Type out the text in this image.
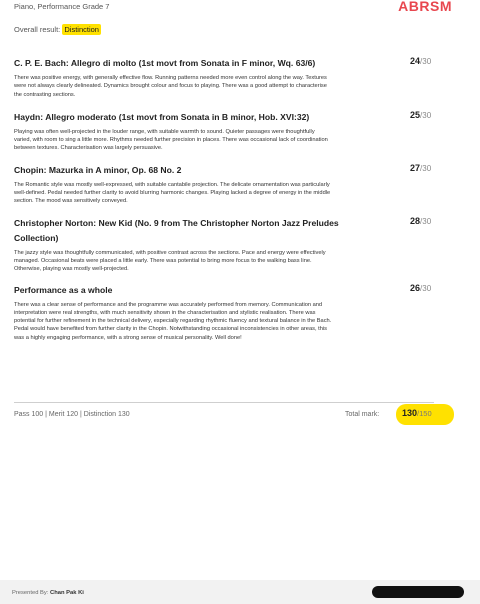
Piano, Performance Grade 7	ABRSM
Overall result: Distinction
C. P. E. Bach: Allegro di molto (1st movt from Sonata in F minor, Wq. 63/6)	24/30

There was positive energy, with generally effective flow. Running patterns needed more even control along the way. Textures were not always clearly delineated. Dynamics brought colour and focus to playing. There was a good attempt to characterise the contrasting sections.

Haydn: Allegro moderato (1st movt from Sonata in B minor, Hob. XVI:32)	25/30

Playing was often well-projected in the louder range, with suitable warmth to sound. Quieter passages were thoughtfully varied, with room to sing a little more. Rhythms needed further precision in places. There was occasional lack of coordination between textures. Characterisation was largely persuasive.

Chopin: Mazurka in A minor, Op. 68 No. 2	27/30

The Romantic style was mostly well-expressed, with suitable cantabile projection. The delicate ornamentation was particularly well-defined. Pedal needed further clarity to avoid blurring harmonic changes. Playing lacked a degree of energy in the middle section. The mood was sensitively conveyed.

Christopher Norton: New Kid (No. 9 from The Christopher Norton Jazz Preludes Collection)
28/30

The jazzy style was thoughtfully communicated, with positive contrast across the sections. Pace and energy were effectively managed. Occasional beats were placed a little early. There was potential to bring more focus to the walking bass line. Otherwise, playing was mostly well-projected.

Performance as a whole	26/30

There was a clear sense of performance and the programme was accurately performed from memory. Communication and interpretation were real strengths, with much sensitivity shown in the characterisation and stylistic realisation. There was potential for further refinement in the technical delivery, especially regarding rhythmic fluency and textural balance in the Bach. Pedal would have benefited from further clarity in the Chopin. Notwithstanding occasional inconsistencies in other areas, this was a highly engaging performance, with a strong sense of musical personality. Well done!

Pass 100 | Merit 120 | Distinction 130	Total mark:	130/150
Presented By: Chan Pak Ki
